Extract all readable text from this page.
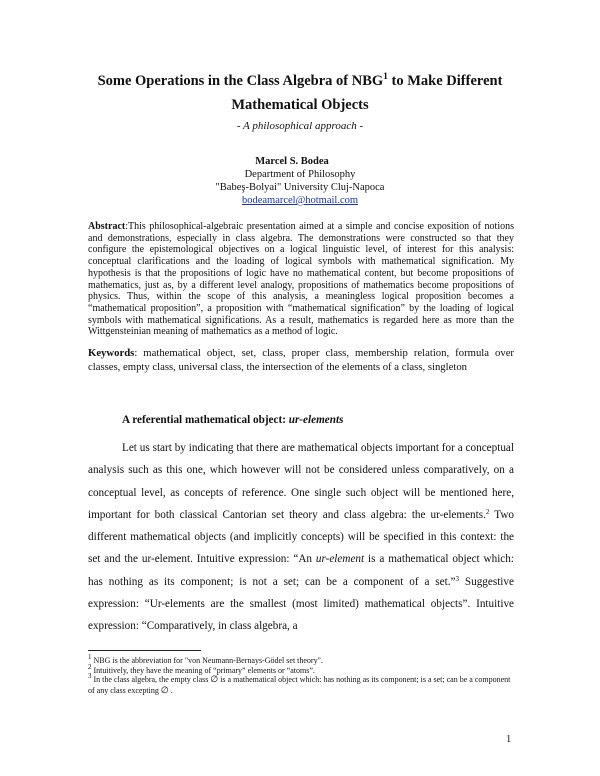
Some Operations in the Class Algebra of NBG$^1$ to Make Different
Mathematical Objects
- A philosophical approach -
Marcel S. Bodea
Department of Philosophy
"Babeş-Bolyai" University Cluj-Napoca
bodeamarcel@hotmail.com
Abstract:This philosophical-algebraic presentation aimed at a simple and concise exposition of notions and demonstrations, especially in class algebra. The demonstrations were constructed so that they configure the epistemological objectives on a logical linguistic level, of interest for this analysis: conceptual clarifications and the loading of logical symbols with mathematical signification. My hypothesis is that the propositions of logic have no mathematical content, but become propositions of mathematics, just as, by a different level analogy, propositions of mathematics become propositions of physics. Thus, within the scope of this analysis, a meaningless logical proposition becomes a “mathematical proposition”, a proposition with “mathematical signification” by the loading of logical symbols with mathematical significations. As a result, mathematics is regarded here as more than the Wittgensteinian meaning of mathematics as a method of logic.
Keywords: mathematical object, set, class, proper class, membership relation, formula over classes, empty class, universal class, the intersection of the elements of a class, singleton
A referential mathematical object: ur-elements

Let us start by indicating that there are mathematical objects important for a conceptual analysis such as this one, which however will not be considered unless comparatively, on a conceptual level, as concepts of reference. One single such object will be mentioned here, important for both classical Cantorian set theory and class algebra: the ur-elements.$^2$ Two different mathematical objects (and implicitly concepts) will be specified in this context: the set and the ur-element. Intuitive expression: “An ur-element is a mathematical object which: has nothing as its component; is not a set; can be a component of a set.”$^3$ Suggestive expression: “Ur-elements are the smallest (most limited) mathematical objects”. Intuitive expression: “Comparatively, in class algebra, a

$^1$ NBG is the abbreviation for "von Neumann-Bernays-Gödel set theory".
$^2$ Intuitively, they have the meaning of “primary” elements or “atoms”.
$^3$ In the class algebra, the empty class ∅ is a mathematical object which: has nothing as its component; is a set; can be a component of any class excepting ∅ .
1
